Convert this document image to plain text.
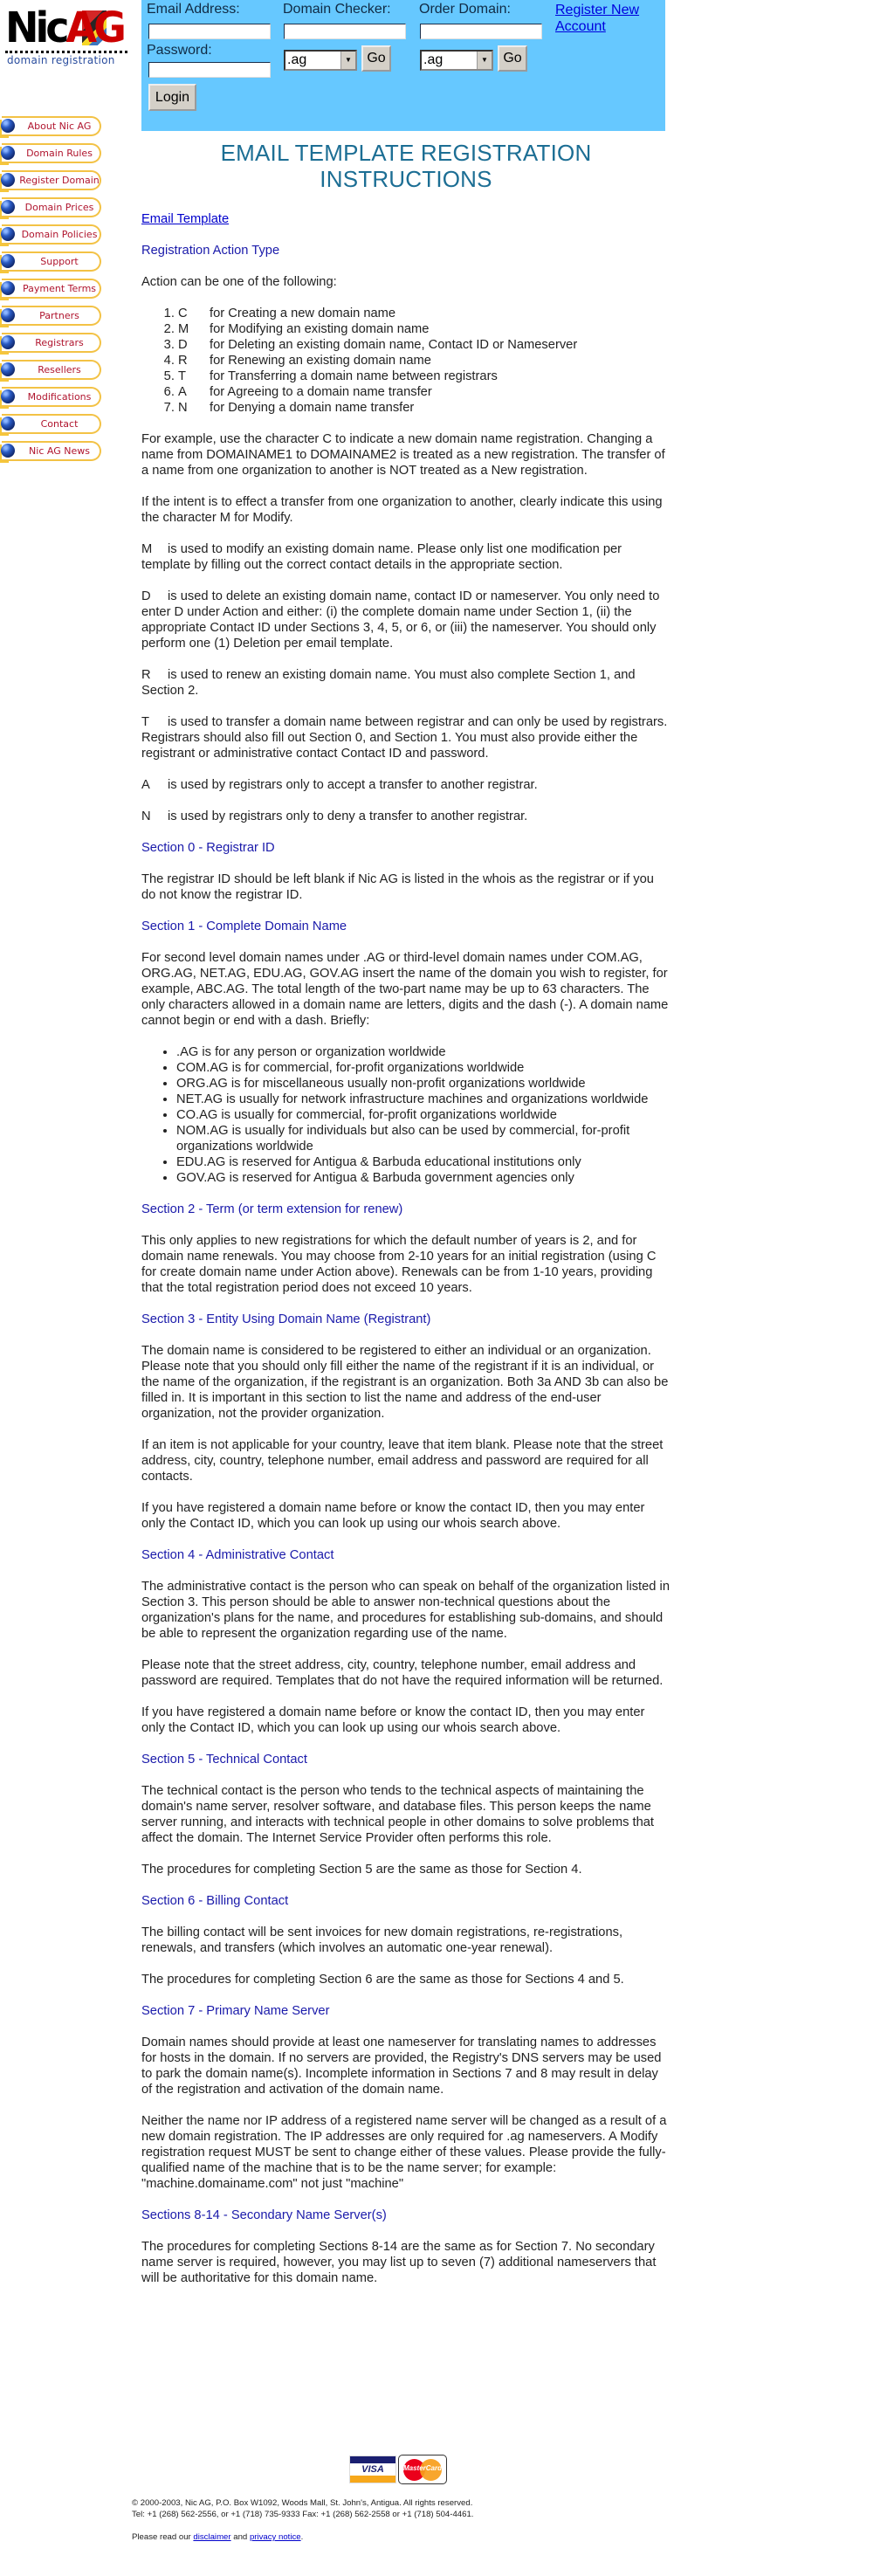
NicAG
domain registration
Email Address:
Password:
Login
Domain Checker:
.ag	▼	Go
Order Domain:
.ag	▼	Go
Register New Account
About Nic AG
Domain Rules
Register Domain
Domain Prices
Domain Policies
Support
Payment Terms
Partners
Registrars
Resellers
Modifications
Contact
Nic AG News
EMAIL TEMPLATE REGISTRATION INSTRUCTIONS

Email Template

Registration Action Type

Action can be one of the following:

1. C for Creating a new domain name
2. M for Modifying an existing domain name
3. D for Deleting an existing domain name, Contact ID or Nameserver
4. R for Renewing an existing domain name
5. T for Transferring a domain name between registrars
6. A for Agreeing to a domain name transfer
7. N for Denying a domain name transfer

For example, use the character C to indicate a new domain name registration. Changing a name from DOMAINAME1 to DOMAINAME2 is treated as a new registration. The transfer of a name from one organization to another is NOT treated as a New registration.

If the intent is to effect a transfer from one organization to another, clearly indicate this using the character M for Modify.

M is used to modify an existing domain name. Please only list one modification per template by filling out the correct contact details in the appropriate section.

D is used to delete an existing domain name, contact ID or nameserver. You only need to enter D under Action and either: (i) the complete domain name under Section 1, (ii) the appropriate Contact ID under Sections 3, 4, 5, or 6, or (iii) the nameserver. You should only perform one (1) Deletion per email template.

R is used to renew an existing domain name. You must also complete Section 1, and Section 2.

T is used to transfer a domain name between registrar and can only be used by registrars. Registrars should also fill out Section 0, and Section 1. You must also provide either the registrant or administrative contact Contact ID and password.

A is used by registrars only to accept a transfer to another registrar.

N is used by registrars only to deny a transfer to another registrar.

Section 0 - Registrar ID

The registrar ID should be left blank if Nic AG is listed in the whois as the registrar or if you do not know the registrar ID.

Section 1 - Complete Domain Name

For second level domain names under .AG or third-level domain names under COM.AG, ORG.AG, NET.AG, EDU.AG, GOV.AG insert the name of the domain you wish to register, for example, ABC.AG. The total length of the two-part name may be up to 63 characters. The only characters allowed in a domain name are letters, digits and the dash (-). A domain name cannot begin or end with a dash. Briefly:

• .AG is for any person or organization worldwide
• COM.AG is for commercial, for-profit organizations worldwide
• ORG.AG is for miscellaneous usually non-profit organizations worldwide
• NET.AG is usually for network infrastructure machines and organizations worldwide
• CO.AG is usually for commercial, for-profit organizations worldwide
• NOM.AG is usually for individuals but also can be used by commercial, for-profit organizations worldwide
• EDU.AG is reserved for Antigua & Barbuda educational institutions only
• GOV.AG is reserved for Antigua & Barbuda government agencies only

Section 2 - Term (or term extension for renew)

This only applies to new registrations for which the default number of years is 2, and for domain name renewals. You may choose from 2-10 years for an initial registration (using C for create domain name under Action above). Renewals can be from 1-10 years, providing that the total registration period does not exceed 10 years.

Section 3 - Entity Using Domain Name (Registrant)

The domain name is considered to be registered to either an individual or an organization. Please note that you should only fill either the name of the registrant if it is an individual, or the name of the organization, if the registrant is an organization. Both 3a AND 3b can also be filled in. It is important in this section to list the name and address of the end-user organization, not the provider organization.

If an item is not applicable for your country, leave that item blank. Please note that the street address, city, country, telephone number, email address and password are required for all contacts.

If you have registered a domain name before or know the contact ID, then you may enter only the Contact ID, which you can look up using our whois search above.

Section 4 - Administrative Contact

The administrative contact is the person who can speak on behalf of the organization listed in Section 3. This person should be able to answer non-technical questions about the organization's plans for the name, and procedures for establishing sub-domains, and should be able to represent the organization regarding use of the name.

Please note that the street address, city, country, telephone number, email address and password are required. Templates that do not have the required information will be returned.

If you have registered a domain name before or know the contact ID, then you may enter only the Contact ID, which you can look up using our whois search above.

Section 5 - Technical Contact

The technical contact is the person who tends to the technical aspects of maintaining the domain's name server, resolver software, and database files. This person keeps the name server running, and interacts with technical people in other domains to solve problems that affect the domain. The Internet Service Provider often performs this role.

The procedures for completing Section 5 are the same as those for Section 4.

Section 6 - Billing Contact

The billing contact will be sent invoices for new domain registrations, re-registrations, renewals, and transfers (which involves an automatic one-year renewal).

The procedures for completing Section 6 are the same as those for Sections 4 and 5.

Section 7 - Primary Name Server

Domain names should provide at least one nameserver for translating names to addresses for hosts in the domain. If no servers are provided, the Registry's DNS servers may be used to park the domain name(s). Incomplete information in Sections 7 and 8 may result in delay of the registration and activation of the domain name.

Neither the name nor IP address of a registered name server will be changed as a result of a new domain registration. The IP addresses are only required for .ag nameservers. A Modify registration request MUST be sent to change either of these values. Please provide the fully-qualified name of the machine that is to be the name server; for example: "machine.domainame.com" not just "machine"

Sections 8-14 - Secondary Name Server(s)

The procedures for completing Sections 8-14 are the same as for Section 7. No secondary name server is required, however, you may list up to seven (7) additional nameservers that will be authoritative for this domain name.

VISA	MasterCard

© 2000-2003, Nic AG, P.O. Box W1092, Woods Mall, St. John's, Antigua. All rights reserved.
Tel: +1 (268) 562-2556, or +1 (718) 735-9333 Fax: +1 (268) 562-2558 or +1 (718) 504-4461.

Please read our disclaimer and privacy notice.
